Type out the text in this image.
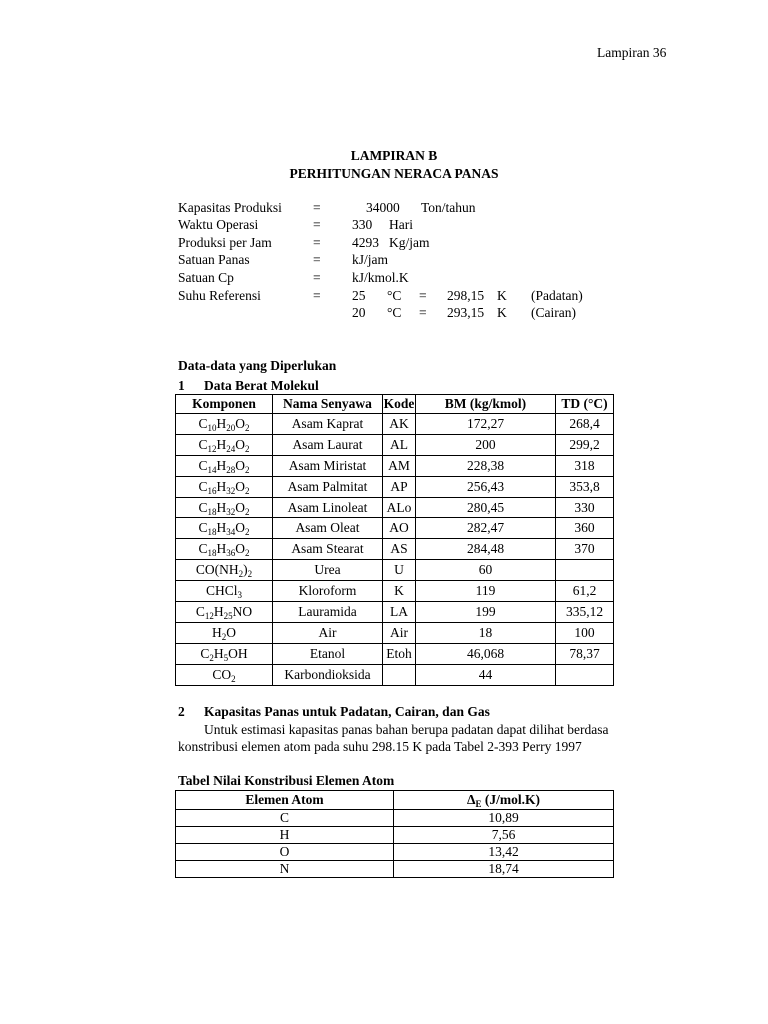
Lampiran 36
LAMPIRAN B
PERHITUNGAN NERACA PANAS
Kapasitas Produksi =	34000 Ton/tahun
Waktu Operasi	= 330 Hari
Produksi per Jam	= 4293 Kg/jam
Satuan Panas	= kJ/jam
Satuan Cp	= kJ/kmol.K
Suhu Referensi	= 25 °C = 298,15 K (Padatan)
20 °C = 293,15 K (Cairan)
Data-data yang Diperlukan
1 Data Berat Molekul
Komponen	Nama Senyawa	Kode	BM (kg/kmol)	TD (°C)
$C_{10}H_{20}O_2$	Asam Kaprat	AK	172,27	268,4
$C_{12}H_{24}O_2$	Asam Laurat	AL	200	299,2
$C_{14}H_{28}O_2$	Asam Miristat	AM	228,38	318
$C_{16}H_{32}O_2$	Asam Palmitat	AP	256,43	353,8
$C_{18}H_{32}O_2$	Asam Linoleat	ALo	280,45	330
$C_{18}H_{34}O_2$	Asam Oleat	AO	282,47	360
$C_{18}H_{36}O_2$	Asam Stearat	AS	284,48	370
$CO(NH_2)_2$	Urea	U	60	
CHCl$_3$	Kloroform	K	119	61,2
$C_{12}H_{25}NO$	Lauramida	LA	199	335,12
$H_2O$	Air	Air	18	100
$C_2H_5OH$	Etanol	Etoh	46,068	78,37
$CO_2$	Karbondioksida		44	
2 Kapasitas Panas untuk Padatan, Cairan, dan Gas
Untuk estimasi kapasitas panas bahan berupa padatan dapat dilihat berdasa
konstribusi elemen atom pada suhu 298.15 K pada Tabel 2-393 Perry 1997
Tabel Nilai Konstribusi Elemen Atom
Elemen Atom	$\Delta_E$ (J/mol.K)
C	10,89
H	7,56
O	13,42
N	18,74
